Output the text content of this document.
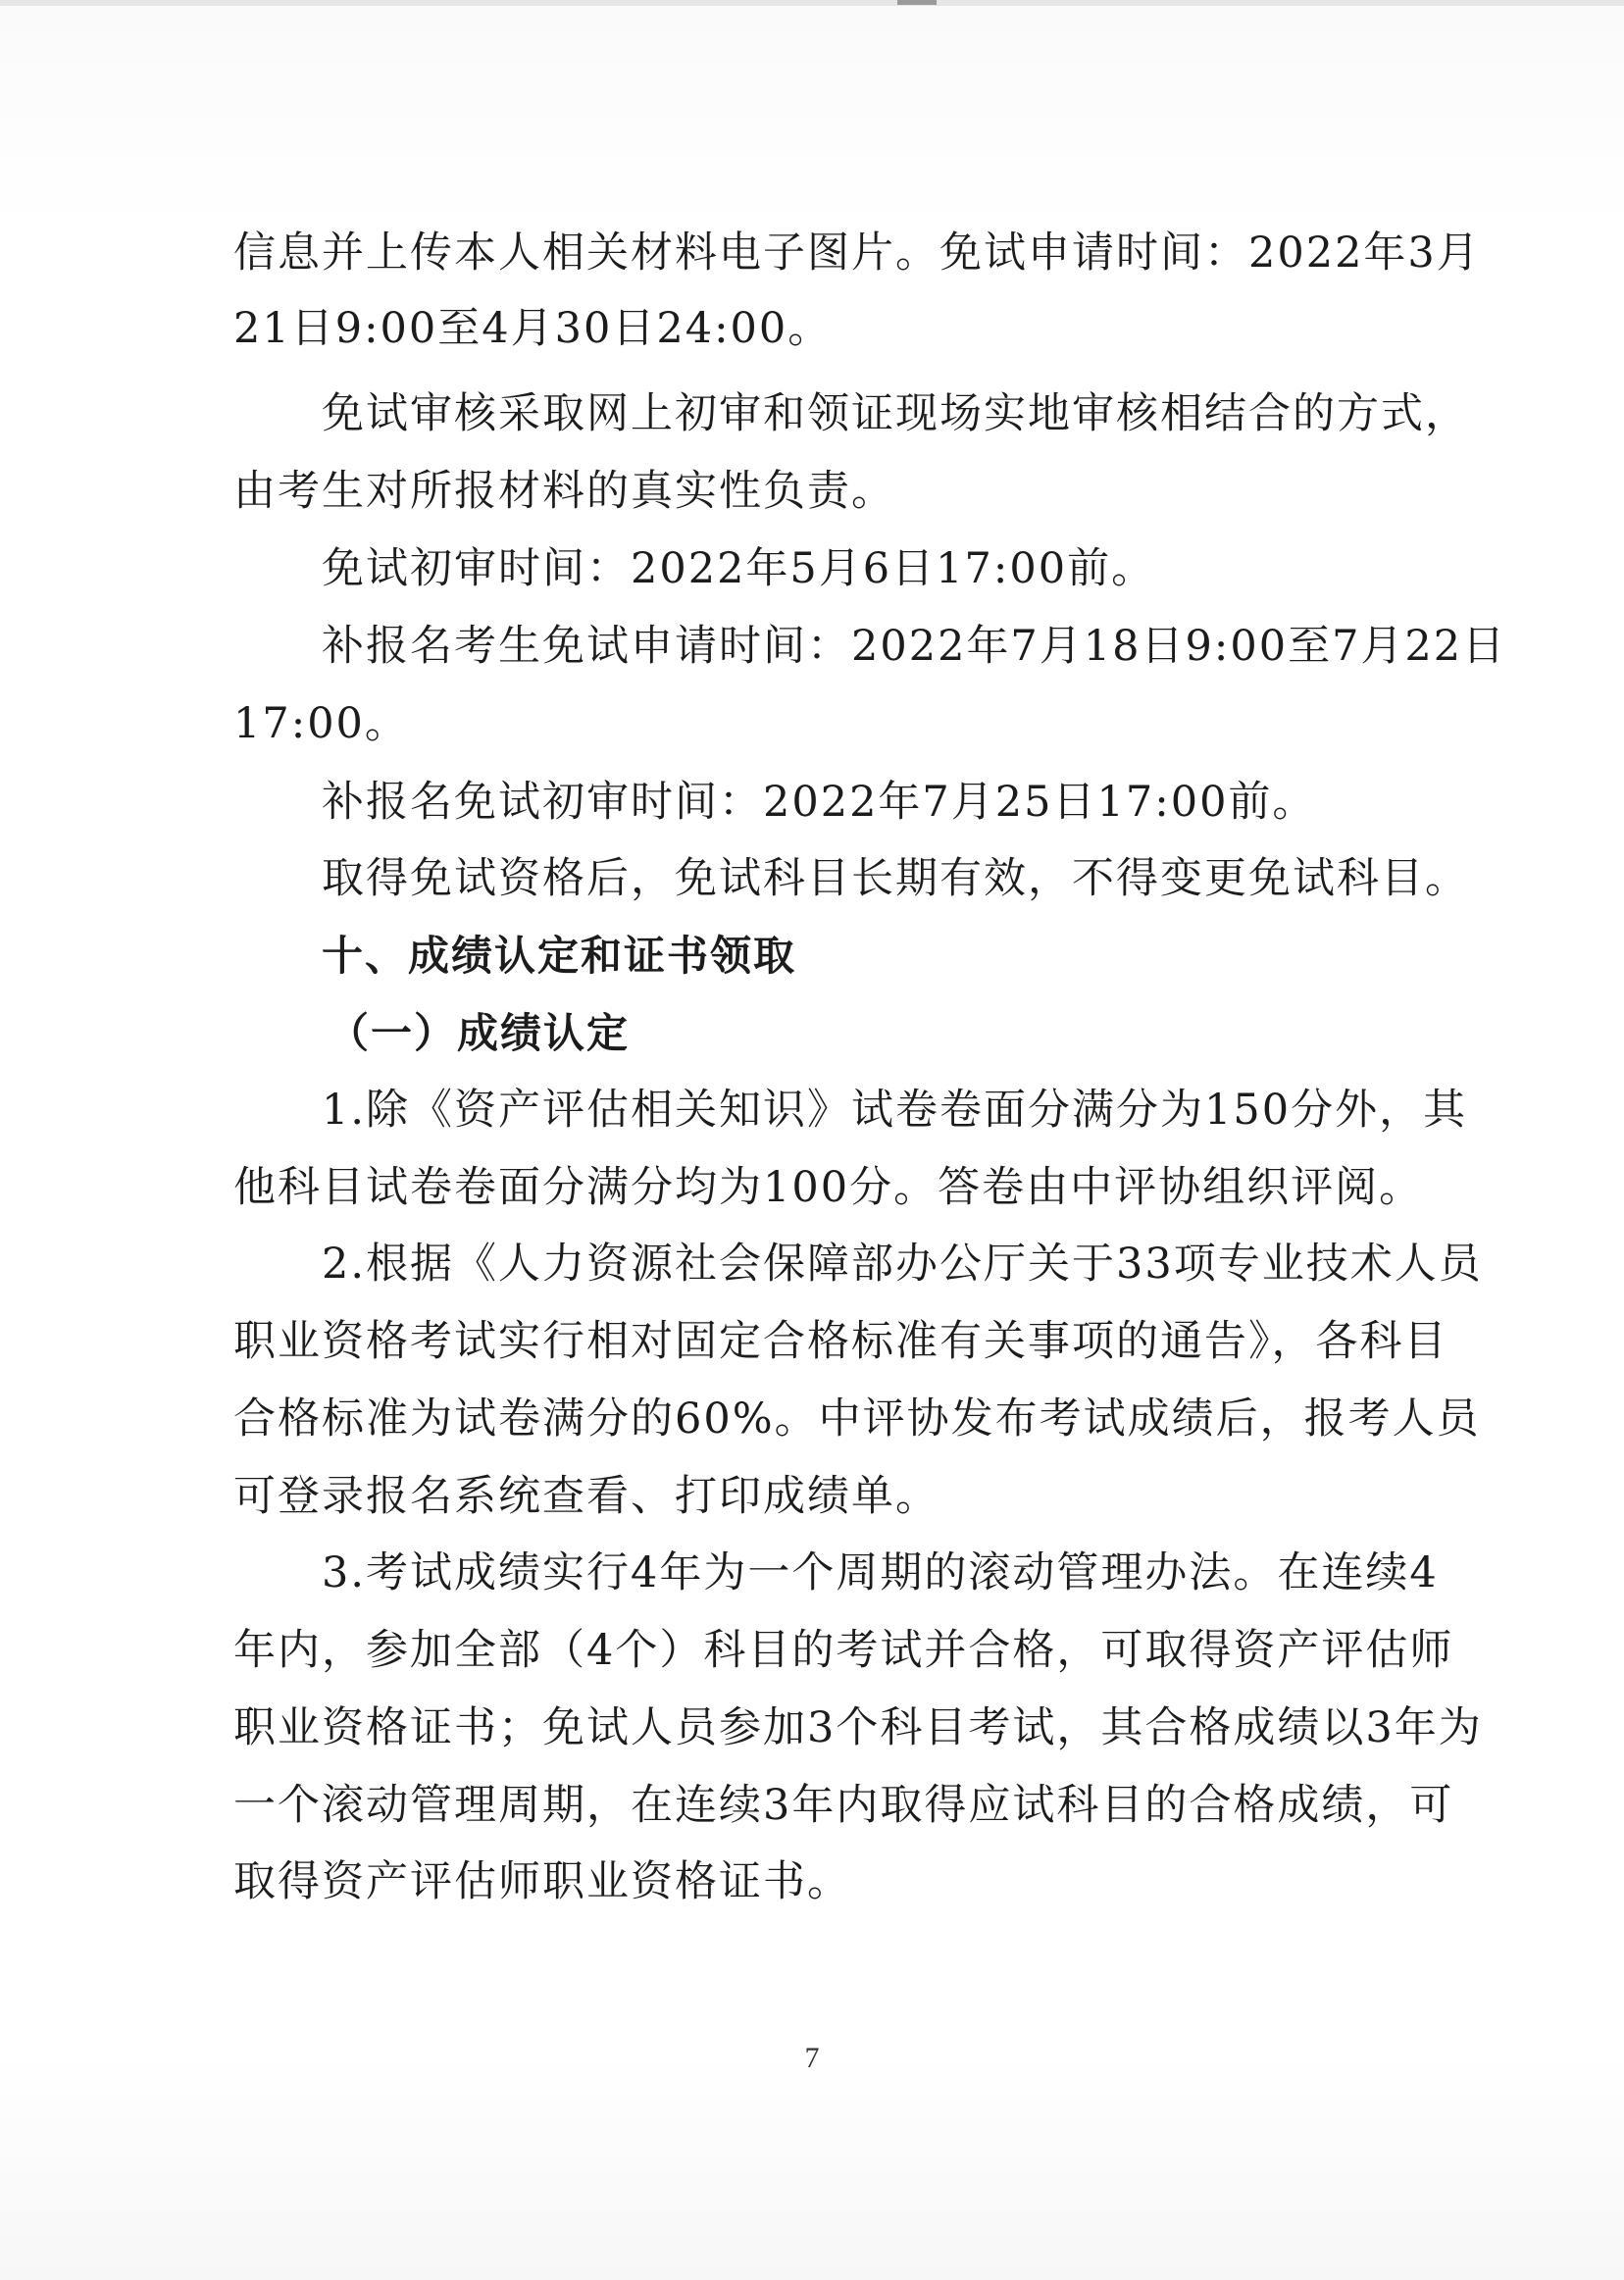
信息并上传本人相关材料电子图片。免试申请时间：2022年3月
21日9:00至4月30日24:00。
免试审核采取网上初审和领证现场实地审核相结合的方式，
由考生对所报材料的真实性负责。
免试初审时间：2022年5月6日17:00前。
补报名考生免试申请时间：2022年7月18日9:00至7月22日
17:00。
补报名免试初审时间：2022年7月25日17:00前。
取得免试资格后，免试科目长期有效，不得变更免试科目。
十、成绩认定和证书领取
（一）成绩认定
1.除《资产评估相关知识》试卷卷面分满分为150分外，其
他科目试卷卷面分满分均为100分。答卷由中评协组织评阅。
2.根据《人力资源社会保障部办公厅关于33项专业技术人员
职业资格考试实行相对固定合格标准有关事项的通告》，各科目
合格标准为试卷满分的60%。中评协发布考试成绩后，报考人员
可登录报名系统查看、打印成绩单。
3.考试成绩实行4年为一个周期的滚动管理办法。在连续4
年内，参加全部（4个）科目的考试并合格，可取得资产评估师
职业资格证书；免试人员参加3个科目考试，其合格成绩以3年为
一个滚动管理周期，在连续3年内取得应试科目的合格成绩，可
取得资产评估师职业资格证书。
7
